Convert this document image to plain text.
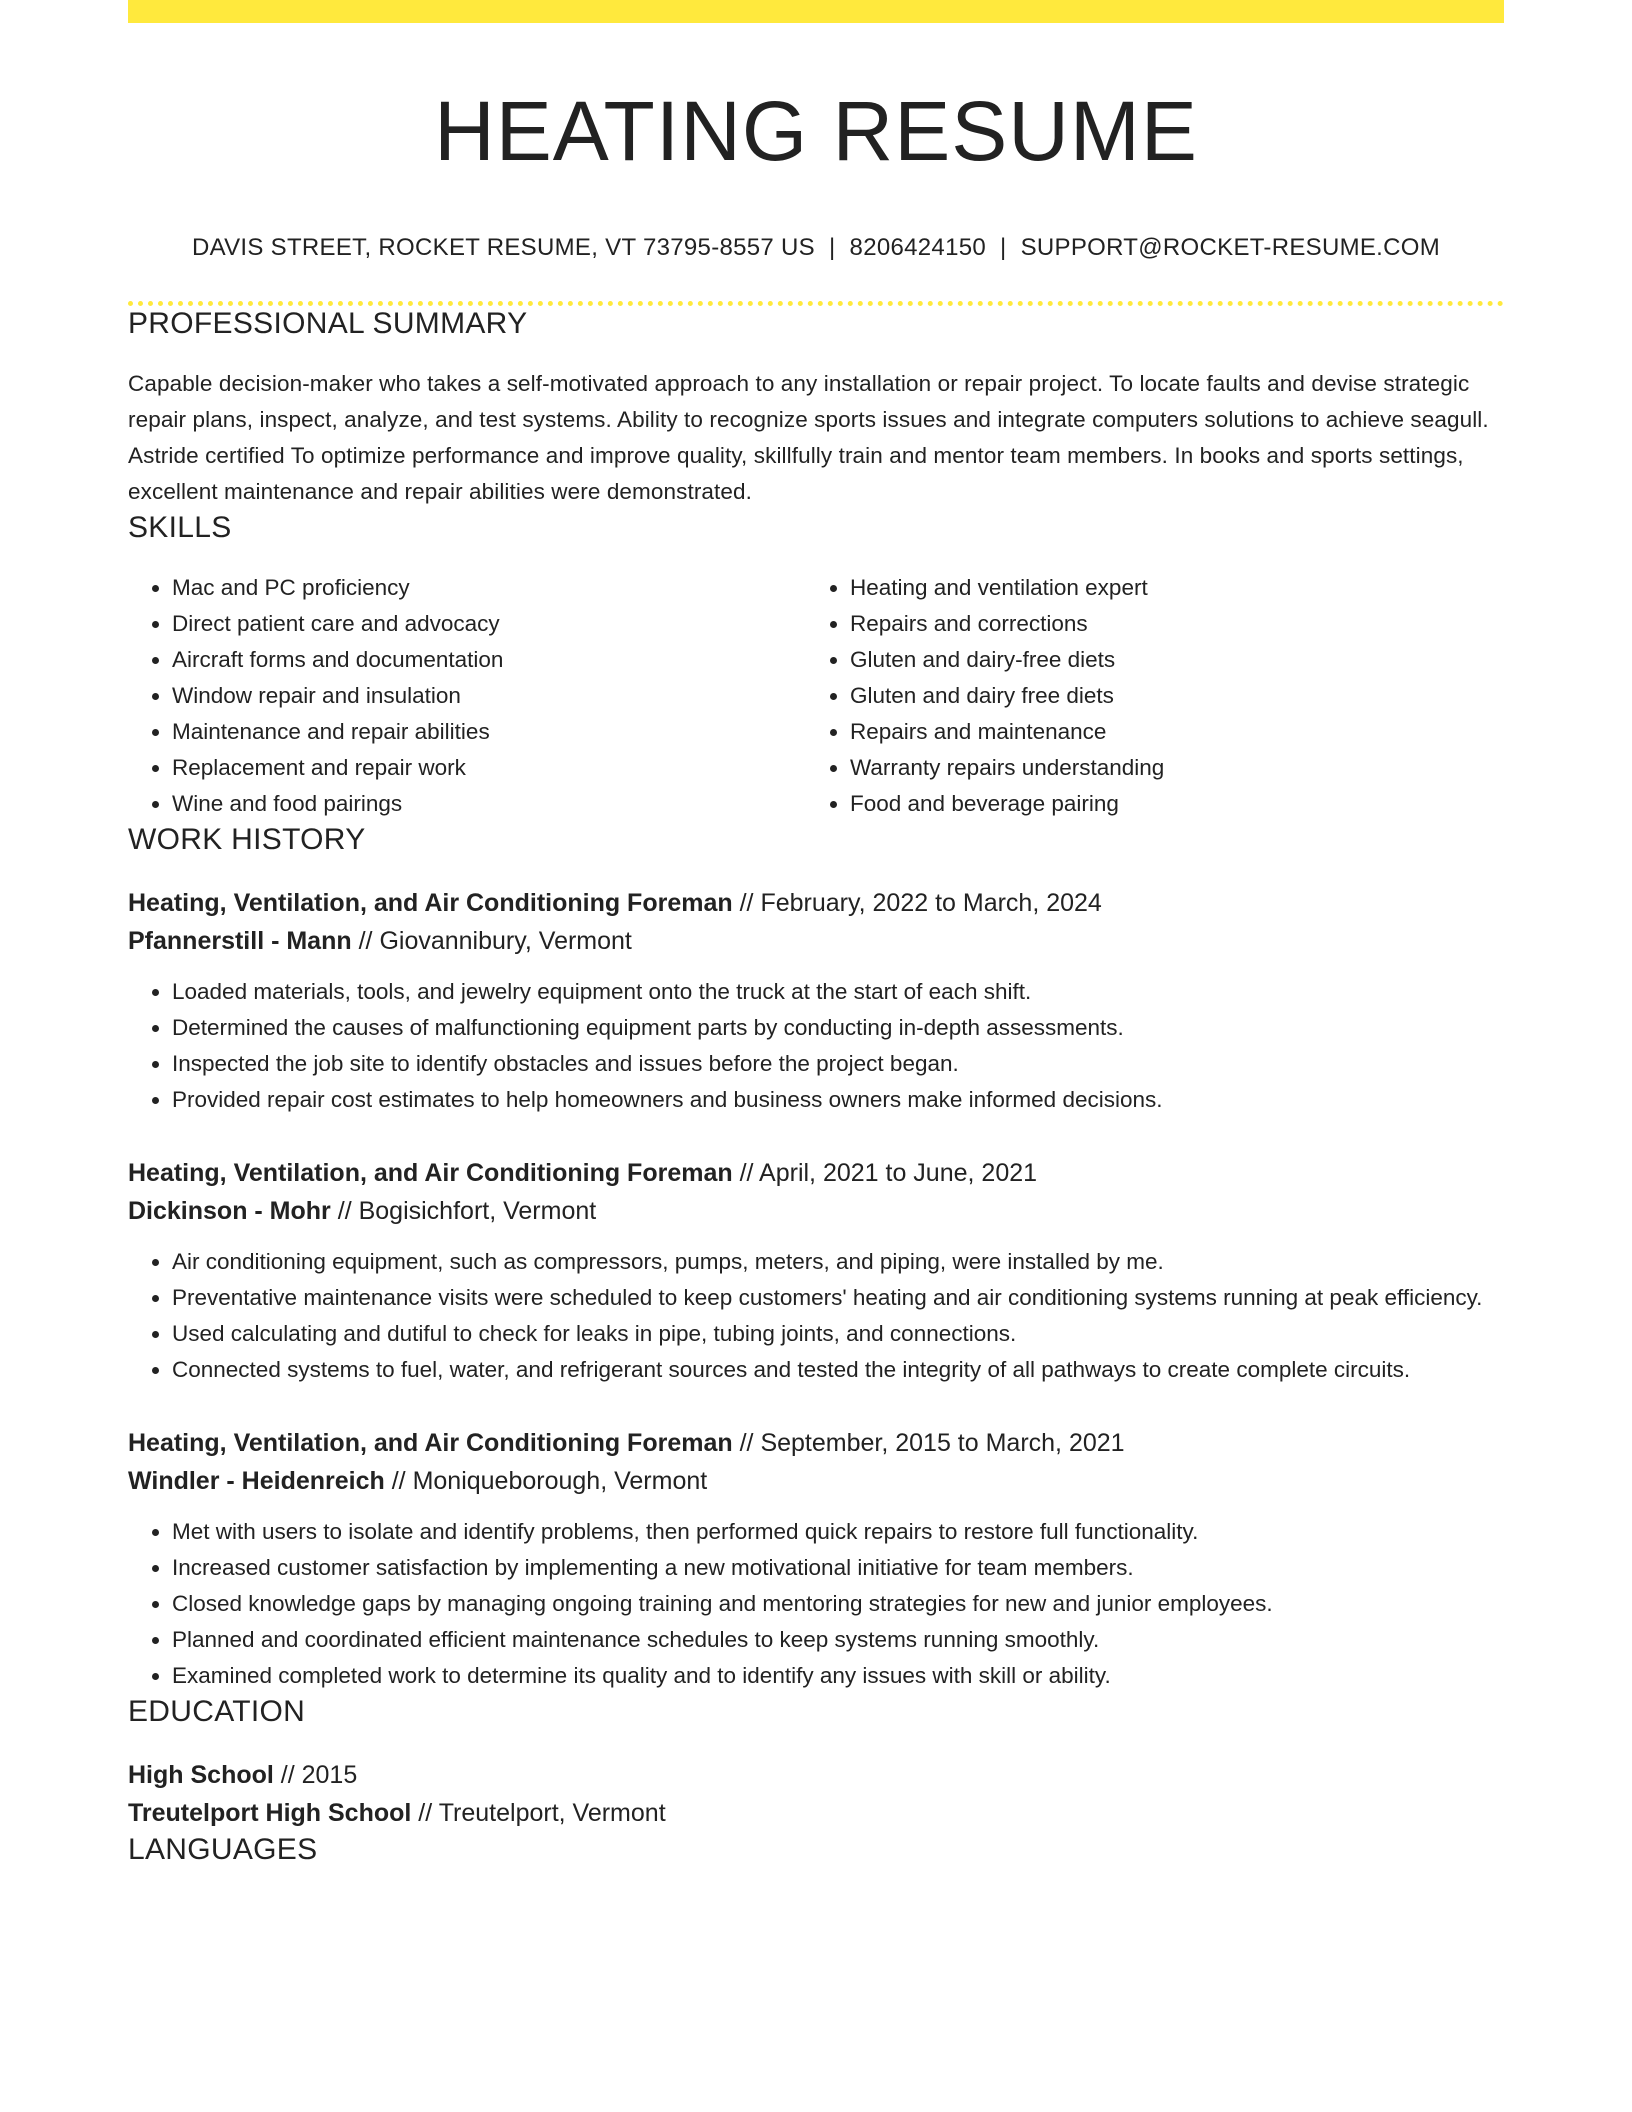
HEATING RESUME
DAVIS STREET, ROCKET RESUME, VT 73795-8557 US | 8206424150 | SUPPORT@ROCKET-RESUME.COM
PROFESSIONAL SUMMARY
Capable decision-maker who takes a self-motivated approach to any installation or repair project. To locate faults and devise strategic repair plans, inspect, analyze, and test systems. Ability to recognize sports issues and integrate computers solutions to achieve seagull. Astride certified To optimize performance and improve quality, skillfully train and mentor team members. In books and sports settings, excellent maintenance and repair abilities were demonstrated.
SKILLS
• Mac and PC proficiency
• Direct patient care and advocacy
• Aircraft forms and documentation
• Window repair and insulation
• Maintenance and repair abilities
• Replacement and repair work
• Wine and food pairings
• Heating and ventilation expert
• Repairs and corrections
• Gluten and dairy-free diets
• Gluten and dairy free diets
• Repairs and maintenance
• Warranty repairs understanding
• Food and beverage pairing
WORK HISTORY
Heating, Ventilation, and Air Conditioning Foreman // February, 2022 to March, 2024
Pfannerstill - Mann // Giovannibury, Vermont
• Loaded materials, tools, and jewelry equipment onto the truck at the start of each shift.
• Determined the causes of malfunctioning equipment parts by conducting in-depth assessments.
• Inspected the job site to identify obstacles and issues before the project began.
• Provided repair cost estimates to help homeowners and business owners make informed decisions.
Heating, Ventilation, and Air Conditioning Foreman // April, 2021 to June, 2021
Dickinson - Mohr // Bogisichfort, Vermont
• Air conditioning equipment, such as compressors, pumps, meters, and piping, were installed by me.
• Preventative maintenance visits were scheduled to keep customers' heating and air conditioning systems running at peak efficiency.
• Used calculating and dutiful to check for leaks in pipe, tubing joints, and connections.
• Connected systems to fuel, water, and refrigerant sources and tested the integrity of all pathways to create complete circuits.
Heating, Ventilation, and Air Conditioning Foreman // September, 2015 to March, 2021
Windler - Heidenreich // Moniqueborough, Vermont
• Met with users to isolate and identify problems, then performed quick repairs to restore full functionality.
• Increased customer satisfaction by implementing a new motivational initiative for team members.
• Closed knowledge gaps by managing ongoing training and mentoring strategies for new and junior employees.
• Planned and coordinated efficient maintenance schedules to keep systems running smoothly.
• Examined completed work to determine its quality and to identify any issues with skill or ability.
EDUCATION
High School // 2015
Treutelport High School // Treutelport, Vermont
LANGUAGES
